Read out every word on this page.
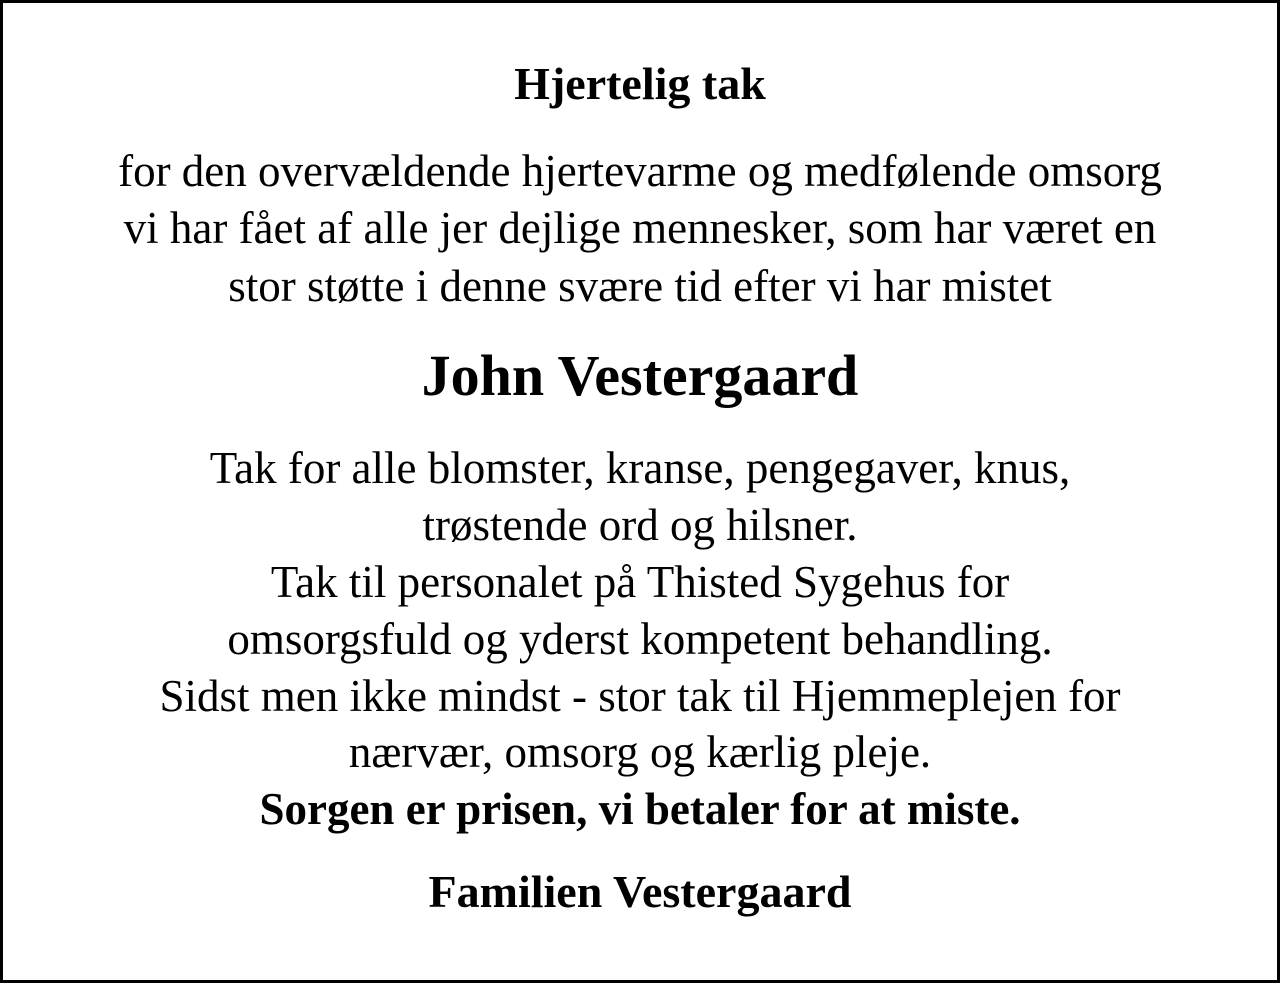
Hjertelig tak
for den overvældende hjertevarme og medfølende omsorg
vi har fået af alle jer dejlige mennesker, som har været en
stor støtte i denne svære tid efter vi har mistet
John Vestergaard
Tak for alle blomster, kranse, pengegaver, knus,
trøstende ord og hilsner.
Tak til personalet på Thisted Sygehus for
omsorgsfuld og yderst kompetent behandling.
Sidst men ikke mindst - stor tak til Hjemmeplejen for
nærvær, omsorg og kærlig pleje.
Sorgen er prisen, vi betaler for at miste.
Familien Vestergaard
